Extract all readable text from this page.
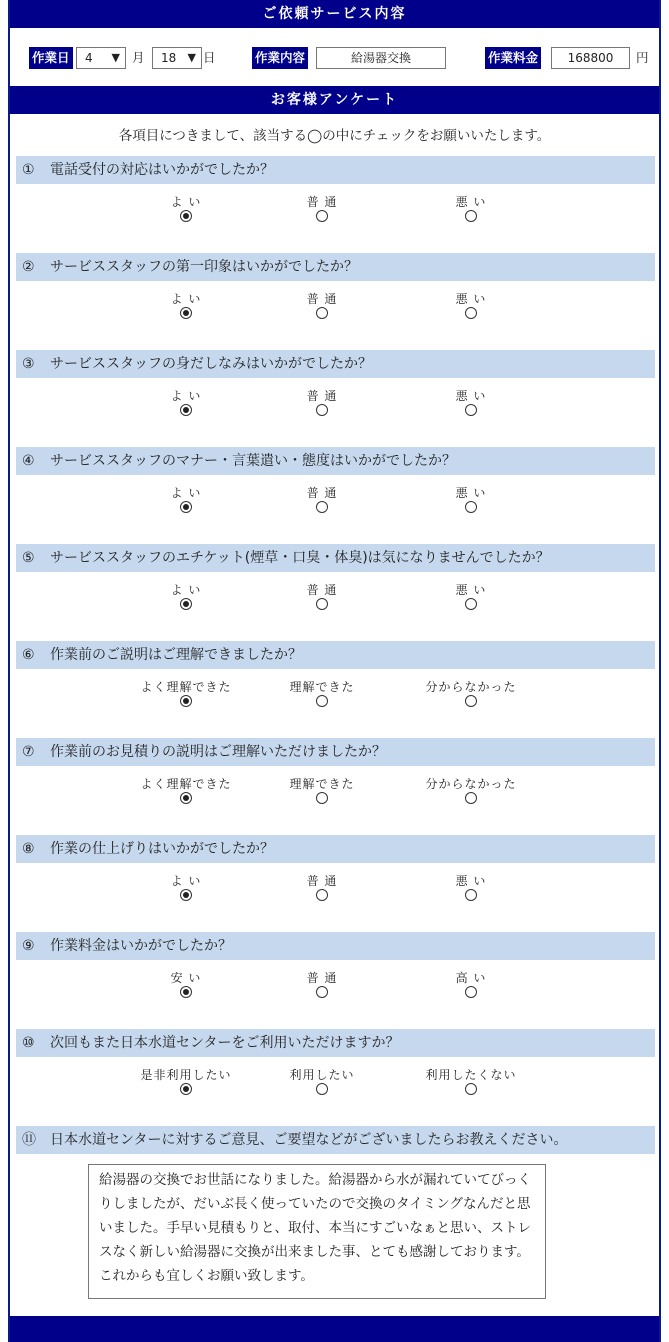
ご依頼サービス内容
作業日	4 ▼ 月	18 ▼ 日	作業内容	給湯器交換	作業料金	168800	円
お客様アンケート
各項目につきまして、該当する◯の中にチェックをお願いいたします。
① 電話受付の対応はいかがでしたか？
よ い	普 通	悪 い
② サービススタッフの第一印象はいかがでしたか？
よ い	普 通	悪 い
③ サービススタッフの身だしなみはいかがでしたか？
よ い	普 通	悪 い
④ サービススタッフのマナー・言葉遣い・態度はいかがでしたか？
よ い	普 通	悪 い
⑤ サービススタッフのエチケット(煙草・口臭・体臭)は気になりませんでしたか？
よ い	普 通	悪 い
⑥ 作業前のご説明はご理解できましたか？
よく理解できた	理解できた	分からなかった
⑦ 作業前のお見積りの説明はご理解いただけましたか？
よく理解できた	理解できた	分からなかった
⑧ 作業の仕上げりはいかがでしたか？
よ い	普 通	悪 い
⑨ 作業料金はいかがでしたか？
安 い	普 通	高 い
⑩ 次回もまた日本水道センターをご利用いただけますか？
是非利用したい	利用したい	利用したくない
⑪ 日本水道センターに対するご意見、ご要望などがございましたらお教えください。
給湯器の交換でお世話になりました。給湯器から水が漏れていてびっくりしましたが、だいぶ長く使っていたので交換のタイミングなんだと思いました。手早い見積もりと、取付、本当にすごいなぁと思い、ストレスなく新しい給湯器に交換が出来ました事、とても感謝しております。これからも宜しくお願い致します。
